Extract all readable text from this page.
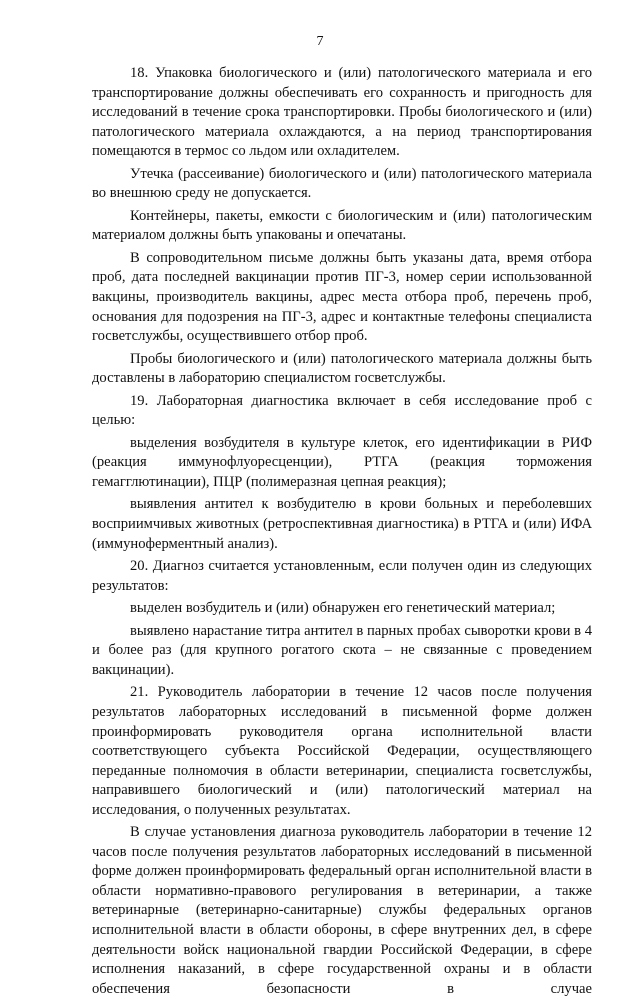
7

18. Упаковка биологического и (или) патологического материала и его транспортирование должны обеспечивать его сохранность и пригодность для исследований в течение срока транспортировки. Пробы биологического и (или) патологического материала охлаждаются, а на период транспортирования помещаются в термос со льдом или охладителем.

Утечка (рассеивание) биологического и (или) патологического материала во внешнюю среду не допускается.

Контейнеры, пакеты, емкости с биологическим и (или) патологическим материалом должны быть упакованы и опечатаны.

В сопроводительном письме должны быть указаны дата, время отбора проб, дата последней вакцинации против ПГ-3, номер серии использованной вакцины, производитель вакцины, адрес места отбора проб, перечень проб, основания для подозрения на ПГ-3, адрес и контактные телефоны специалиста госветслужбы, осуществившего отбор проб.

Пробы биологического и (или) патологического материала должны быть доставлены в лабораторию специалистом госветслужбы.

19. Лабораторная диагностика включает в себя исследование проб с целью:

выделения возбудителя в культуре клеток, его идентификации в РИФ (реакция иммунофлуоресценции), РТГА (реакция торможения гемагглютинации), ПЦР (полимеразная цепная реакция);

выявления антител к возбудителю в крови больных и переболевших восприимчивых животных (ретроспективная диагностика) в РТГА и (или) ИФА (иммуноферментный анализ).

20. Диагноз считается установленным, если получен один из следующих результатов:

выделен возбудитель и (или) обнаружен его генетический материал;

выявлено нарастание титра антител в парных пробах сыворотки крови в 4 и более раз (для крупного рогатого скота – не связанные с проведением вакцинации).

21. Руководитель лаборатории в течение 12 часов после получения результатов лабораторных исследований в письменной форме должен проинформировать руководителя органа исполнительной власти соответствующего субъекта Российской Федерации, осуществляющего переданные полномочия в области ветеринарии, специалиста госветслужбы, направившего биологический и (или) патологический материал на исследования, о полученных результатах.

В случае установления диагноза руководитель лаборатории в течение 12 часов после получения результатов лабораторных исследований в письменной форме должен проинформировать федеральный орган исполнительной власти в области нормативно-правового регулирования в ветеринарии, а также ветеринарные (ветеринарно-санитарные) службы федеральных органов исполнительной власти в области обороны, в сфере внутренних дел, в сфере деятельности войск национальной гвардии Российской Федерации, в сфере исполнения наказаний, в сфере государственной охраны и в области обеспечения безопасности в случае
